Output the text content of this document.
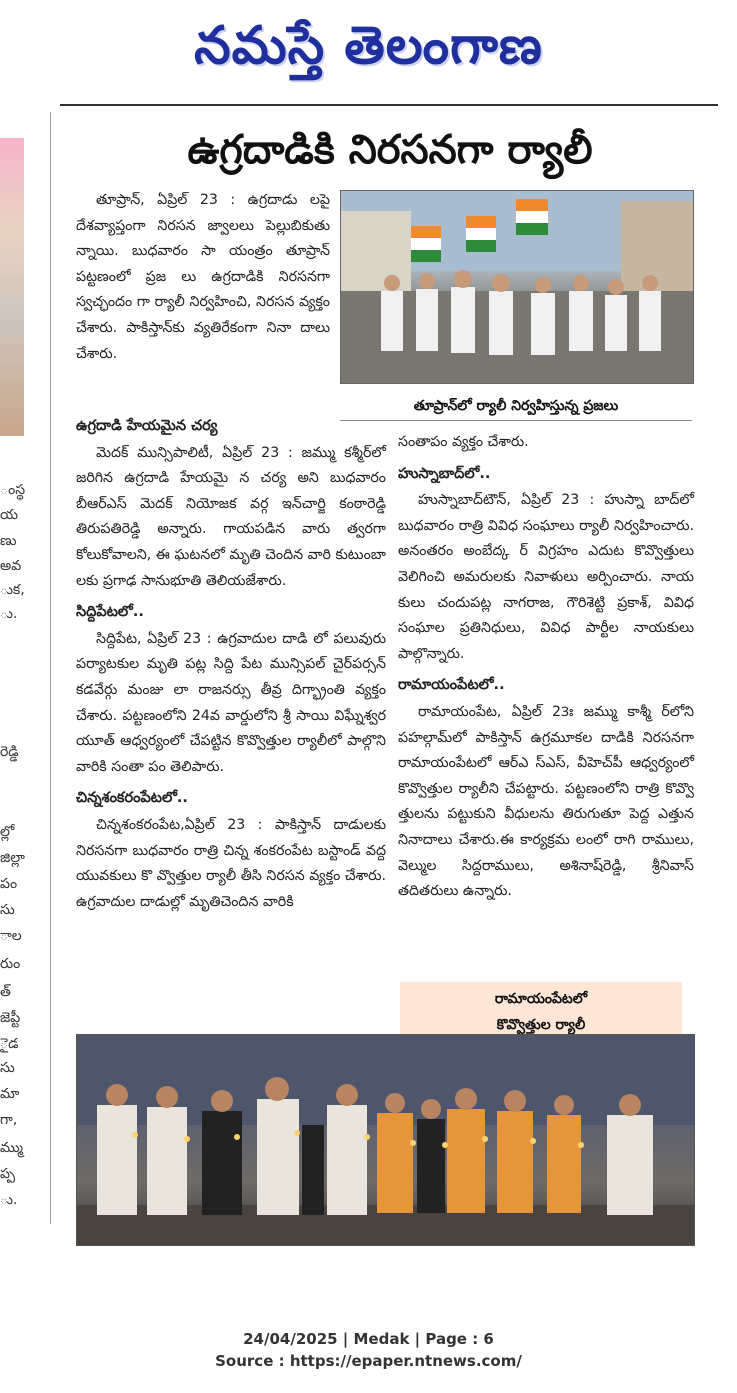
నమస్తే తెలంగాణ
ంస్థ
య
ణు
అవ
ుక,
ు.
రెడ్డి
ల్లో
జిల్లా
పం
సు
ాల
రుం
త్‌
జెప్టీ
ైడ
సు
మా
గా,
మ్ము
ప్ప
ు.
ఉగ్రదాడికి నిరసనగా ర్యాలీ
తూప్రాన్‌లో ర్యాలీ నిర్వహిస్తున్న ప్రజలు

తూప్రాన్, ఏప్రిల్ 23 : ఉగ్రదాడు లపై దేశవ్యాప్తంగా నిరసన జ్వాలలు పెల్లుబికుతు న్నాయి. బుధవారం సా యంత్రం తూప్రాన్ పట్టణంలో ప్రజ లు ఉగ్రదాడికి నిరసనగా స్వచ్ఛందం గా ర్యాలీ నిర్వహించి, నిరసన వ్యక్తం చేశారు. పాకిస్తాన్‌కు వ్యతిరేకంగా నినా దాలు చేశారు.

ఉగ్రదాడి హేయమైన చర్య

మెదక్ మున్సిపాలిటీ, ఏప్రిల్ 23 : జమ్ము కశ్మీర్‌లో జరిగిన ఉగ్రదాడి హేయమై న చర్య అని బుధవారం బీఆర్‌ఎస్ మెదక్ నియోజక వర్గ ఇన్‌చార్జి కంఠారెడ్డి తిరుపతిరెడ్డి అన్నారు. గాయపడిన వారు త్వరగా కోలుకోవాలని, ఈ ఘటనలో మృతి చెందిన వారి కుటుంబా లకు ప్రగాఢ సానుభూతి తెలియజేశారు.

సిద్దిపేటలో..

సిద్దిపేట, ఏప్రిల్ 23 : ఉగ్రవాదుల దాడి లో పలువురు పర్యాటకుల మృతి పట్ల సిద్ది పేట మున్సిపల్ చైర్‌పర్సన్ కడవేర్గు మంజు లా రాజనర్సు తీవ్ర దిగ్భ్రాంతి వ్యక్తం చేశారు. పట్టణంలోని 24వ వార్డులోని శ్రీ సాయి విఘ్నేశ్వర యూత్ ఆధ్వర్యంలో చేపట్టిన కొవ్వొత్తుల ర్యాలీలో పాల్గొని వారికి సంతా పం తెలిపారు.

చిన్నశంకరంపేటలో..

చిన్నశంకరంపేట,ఏప్రిల్ 23 : పాకిస్తాన్ దాడులకు నిరసనగా బుధవారం రాత్రి చిన్న శంకరంపేట బస్టాండ్ వద్ద యువకులు కొ వ్వొత్తుల ర్యాలీ తీసి నిరసన వ్యక్తం చేశారు. ఉగ్రవాదుల దాడుల్లో మృతిచెందిన వారికి

సంతాపం వ్యక్తం చేశారు.
హుస్నాబాద్‌లో..

హుస్నాబాద్‌టౌన్, ఏప్రిల్ 23 : హుస్నా బాద్‌లో బుధవారం రాత్రి వివిధ సంఘాలు ర్యాలీ నిర్వహించారు. అనంతరం అంబేద్క ర్ విగ్రహం ఎదుట కొవ్వొత్తులు వెలిగించి అమరులకు నివాళులు అర్పించారు. నాయ కులు చందుపట్ల నాగరాజ, గౌరిశెట్టి ప్రకాశ్, వివిధ సంఘాల ప్రతినిధులు, వివిధ పార్టీల నాయకులు పాల్గొన్నారు.

రామాయంపేటలో..

రామాయంపేట, ఏప్రిల్ 23ః జమ్ము కాశ్మీ ర్‌లోని పహల్గామ్‌లో పాకిస్తాన్ ఉగ్రమూకల దాడికి నిరసనగా రామాయంపేటలో ఆర్‌ఎ స్‌ఎస్, వీహెచ్‌పీ ఆధ్వర్యంలో కొవ్వొత్తుల ర్యాలీని చేపట్టారు. పట్టణంలోని రాత్రి కొవ్వొ త్తులను పట్టుకుని వీధులను తిరుగుతూ పెద్ద ఎత్తున నినాదాలు చేశారు.ఈ కార్యక్రమ లంలో రాగి రాములు, వెల్ముల సిద్దరాములు, అశినాష్‌రెడ్డి, శ్రీనివాస్ తదితరులు ఉన్నారు.

రామాయంపేటలో
కొవ్వొత్తుల ర్యాలీ
24/04/2025 | Medak | Page : 6
Source : https://epaper.ntnews.com/
